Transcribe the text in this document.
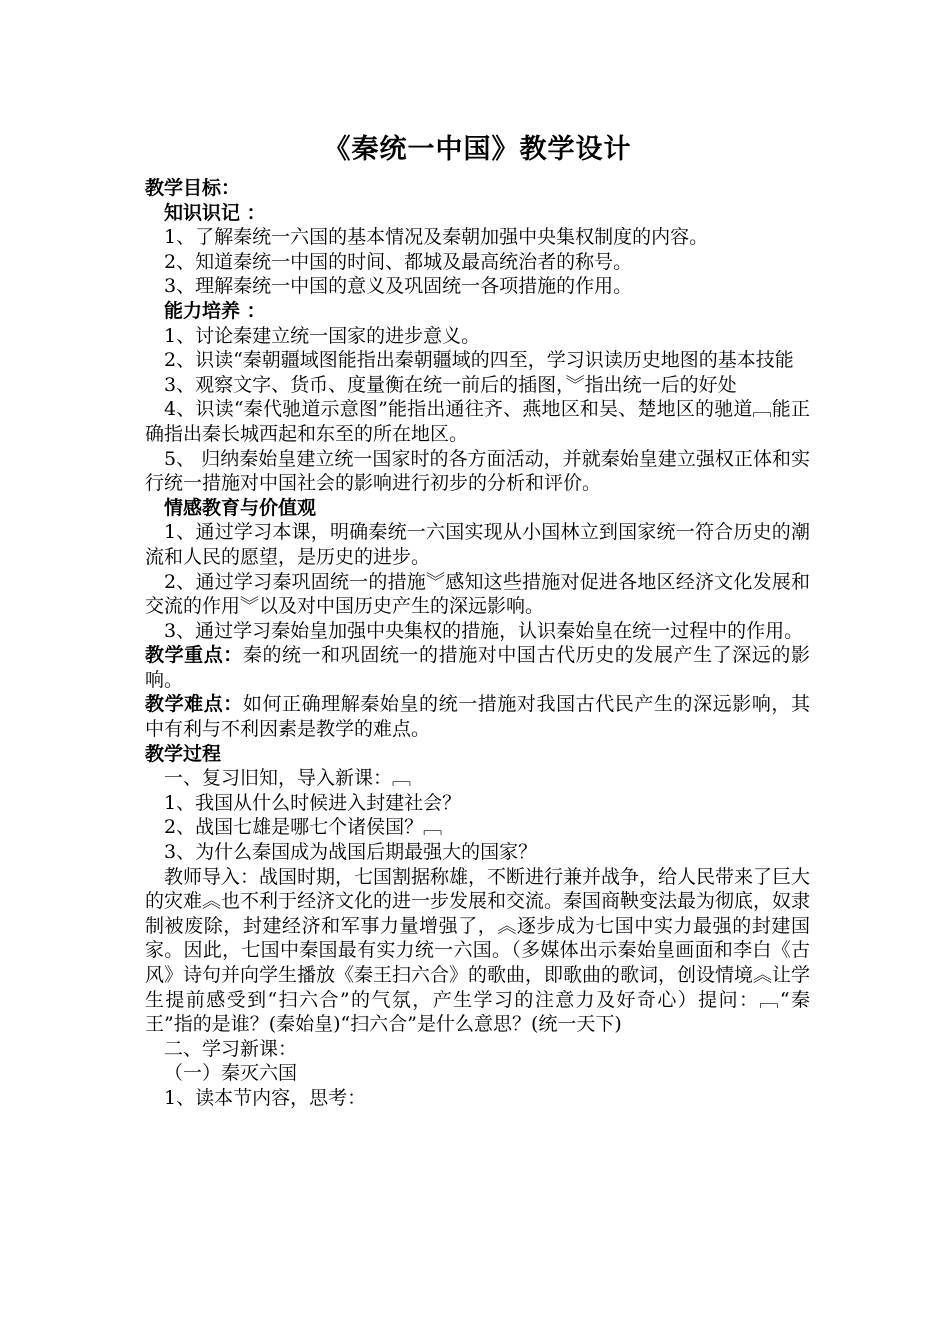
《秦统一中国》教学设计
教学目标：
知识识记 ：
1、了解秦统一六国的基本情况及秦朝加强中央集权制度的内容。
2、知道秦统一中国的时间、都城及最高统治者的称号。
3、理解秦统一中国的意义及巩固统一各项措施的作用。
能力培养 ：
1、讨论秦建立统一国家的进步意义。
2、识读“秦朝疆域图能指出秦朝疆域的四至，学习识读历史地图的基本技能
3、观察文字、货币、度量衡在统一前后的插图，︾指出统一后的好处
4、识读“秦代驰道示意图”能指出通往齐、燕地区和吴、楚地区的驰道﹇能正确指出秦长城西起和东至的所在地区。
5、 归纳秦始皇建立统一国家时的各方面活动，并就秦始皇建立强权正体和实行统一措施对中国社会的影响进行初步的分析和评价。
情感教育与价值观
1、通过学习本课，明确秦统一六国实现从小国林立到国家统一符合历史的潮流和人民的愿望，是历史的进步。
2、通过学习秦巩固统一的措施︾感知这些措施对促进各地区经济文化发展和交流的作用︾以及对中国历史产生的深远影响。
3、通过学习秦始皇加强中央集权的措施，认识秦始皇在统一过程中的作用。
教学重点：秦的统一和巩固统一的措施对中国古代历史的发展产生了深远的影响。
教学难点：如何正确理解秦始皇的统一措施对我国古代民产生的深远影响，其中有利与不利因素是教学的难点。
教学过程
一、复习旧知，导入新课：﹇
1、我国从什么时候进入封建社会？
2、战国七雄是哪七个诸侯国？﹇
3、为什么秦国成为战国后期最强大的国家？
教师导入：战国时期，七国割据称雄，不断进行兼并战争，给人民带来了巨大的灾难︽也不利于经济文化的进一步发展和交流。秦国商鞅变法最为彻底，奴隶制被废除，封建经济和军事力量增强了，︽逐步成为七国中实力最强的封建国家。因此，七国中秦国最有实力统一六国。（多媒体出示秦始皇画面和李白《古风》诗句并向学生播放《秦王扫六合》的歌曲，即歌曲的歌词，创设情境︽让学生提前感受到“扫六合”的气氛，产生学习的注意力及好奇心）提问：﹇“秦王”指的是谁？(秦始皇)“扫六合”是什么意思？(统一天下)
二、学习新课：
（一）秦灭六国
1、读本节内容，思考：
